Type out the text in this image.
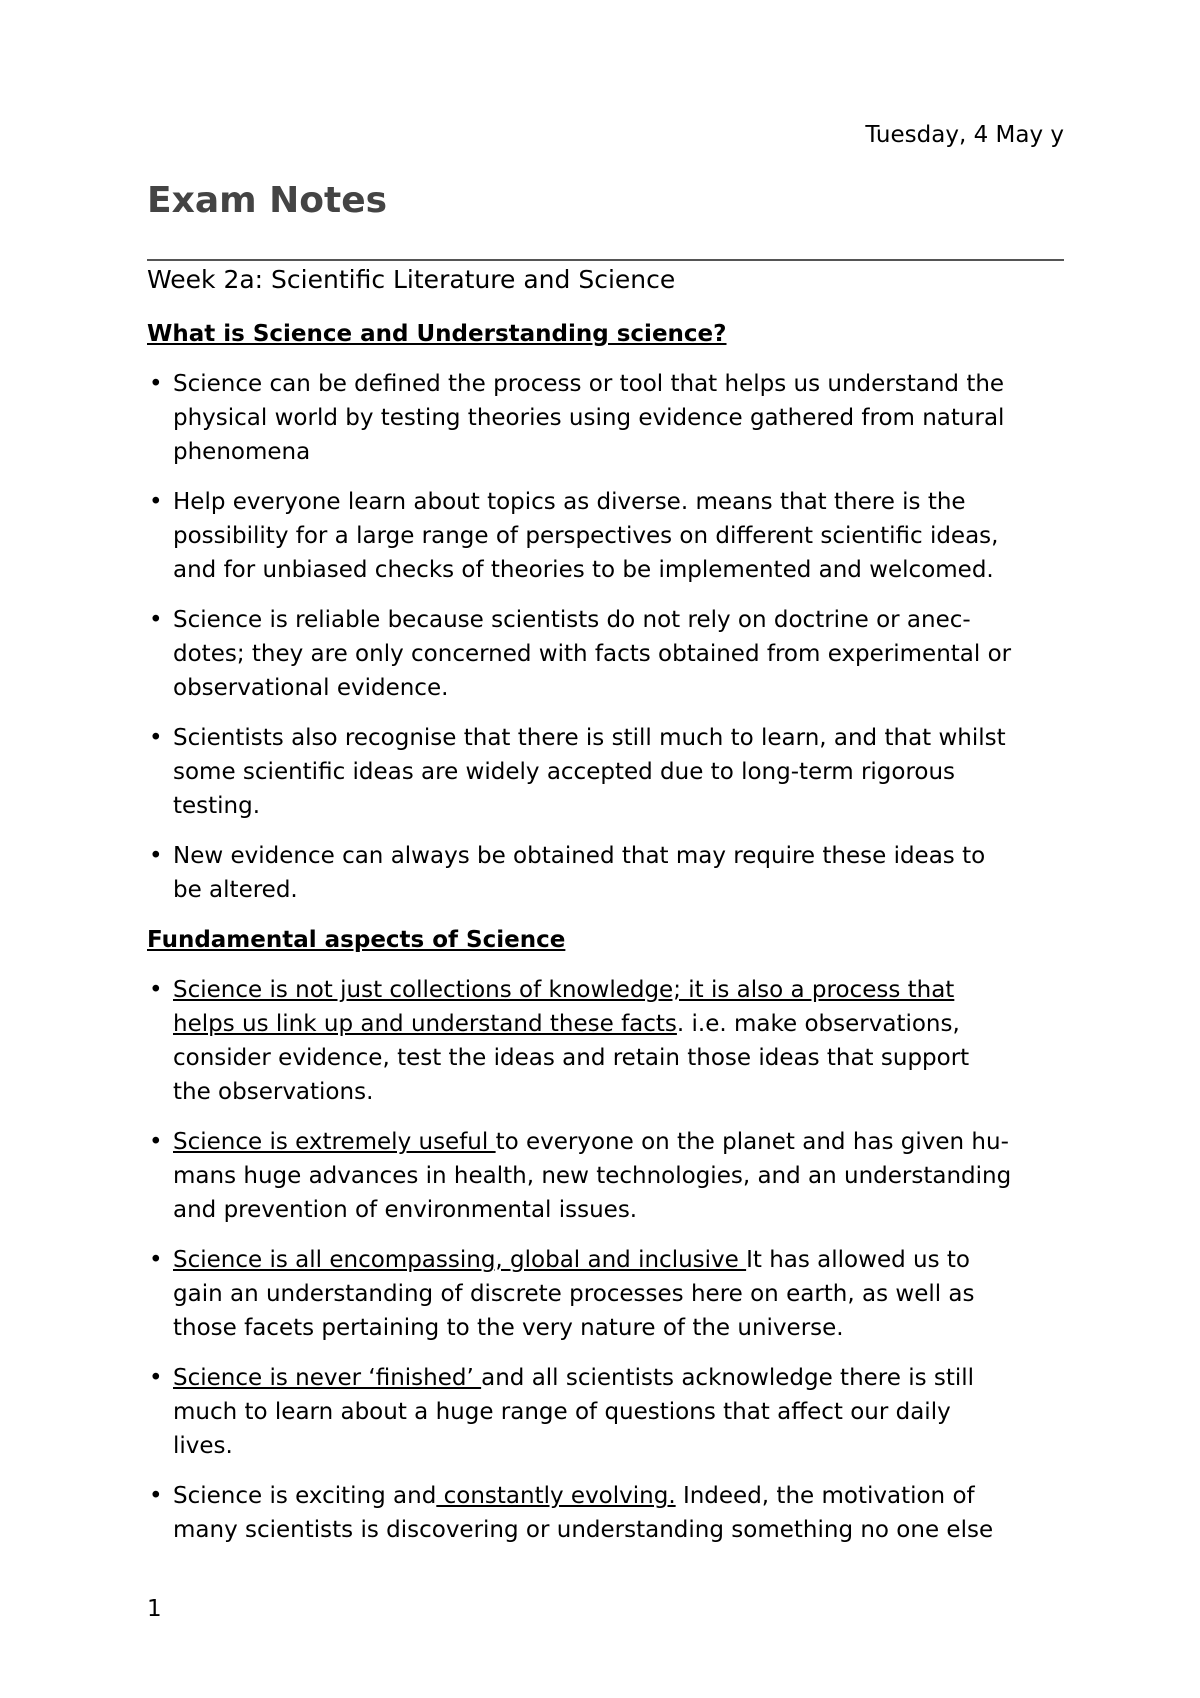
Tuesday, 4 May y
Exam Notes
Week 2a: Scientific Literature and Science
What is Science and Understanding science?
• Science can be defined the process or tool that helps us understand the
physical world by testing theories using evidence gathered from natural
phenomena
• Help everyone learn about topics as diverse. means that there is the
possibility for a large range of perspectives on different scientific ideas,
and for unbiased checks of theories to be implemented and welcomed.
• Science is reliable because scientists do not rely on doctrine or anec-
dotes; they are only concerned with facts obtained from experimental or
observational evidence.
• Scientists also recognise that there is still much to learn, and that whilst
some scientific ideas are widely accepted due to long-term rigorous
testing.
• New evidence can always be obtained that may require these ideas to
be altered.
Fundamental aspects of Science
• Science is not just collections of knowledge; it is also a process that
helps us link up and understand these facts. i.e. make observations,
consider evidence, test the ideas and retain those ideas that support
the observations.
• Science is extremely useful to everyone on the planet and has given hu-
mans huge advances in health, new technologies, and an understanding
and prevention of environmental issues.
• Science is all encompassing, global and inclusive It has allowed us to
gain an understanding of discrete processes here on earth, as well as
those facets pertaining to the very nature of the universe.
• Science is never ‘finished’ and all scientists acknowledge there is still
much to learn about a huge range of questions that affect our daily
lives.
• Science is exciting and constantly evolving. Indeed, the motivation of
many scientists is discovering or understanding something no one else
1
